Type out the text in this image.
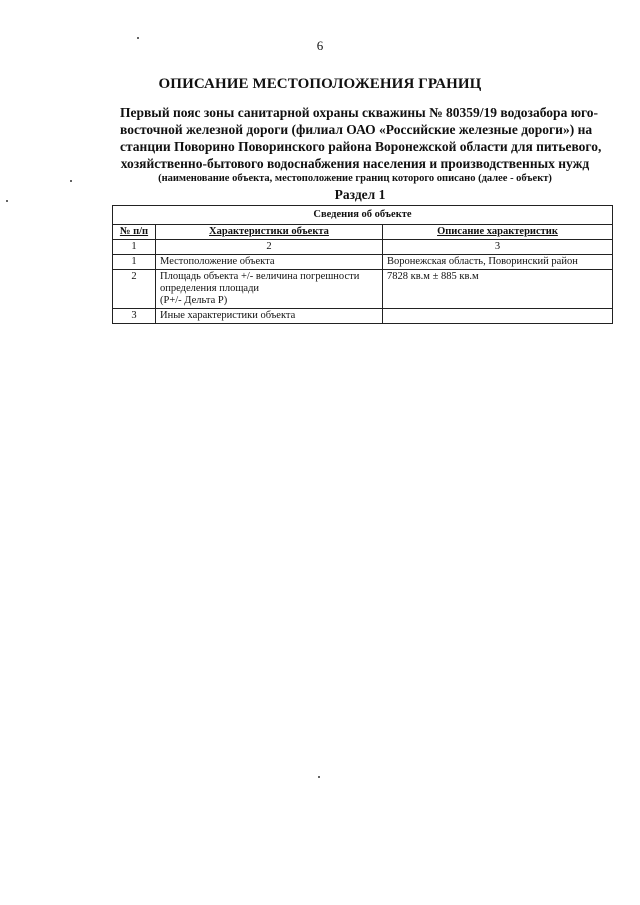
6
ОПИСАНИЕ МЕСТОПОЛОЖЕНИЯ ГРАНИЦ
Первый пояс зоны санитарной охраны скважины № 80359/19 водозабора юго-
восточной железной дороги (филиал ОАО «Российские железные дороги») на
станции Поворино Поворинского района Воронежской области для питьевого,
хозяйственно-бытового водоснабжения населения и производственных нужд
(наименование объекта, местоположение границ которого описано (далее - объект)
Раздел 1
Сведения об объекте		
№ п/п	Характеристики объекта	Описание характеристик
1	2	3
1	Местоположение объекта	Воронежская область, Поворинский район
2	Площадь объекта +/- величина погрешности
определения площади
(Р+/- Дельта Р)	7828 кв.м ± 885 кв.м
3	Иные характеристики объекта	
